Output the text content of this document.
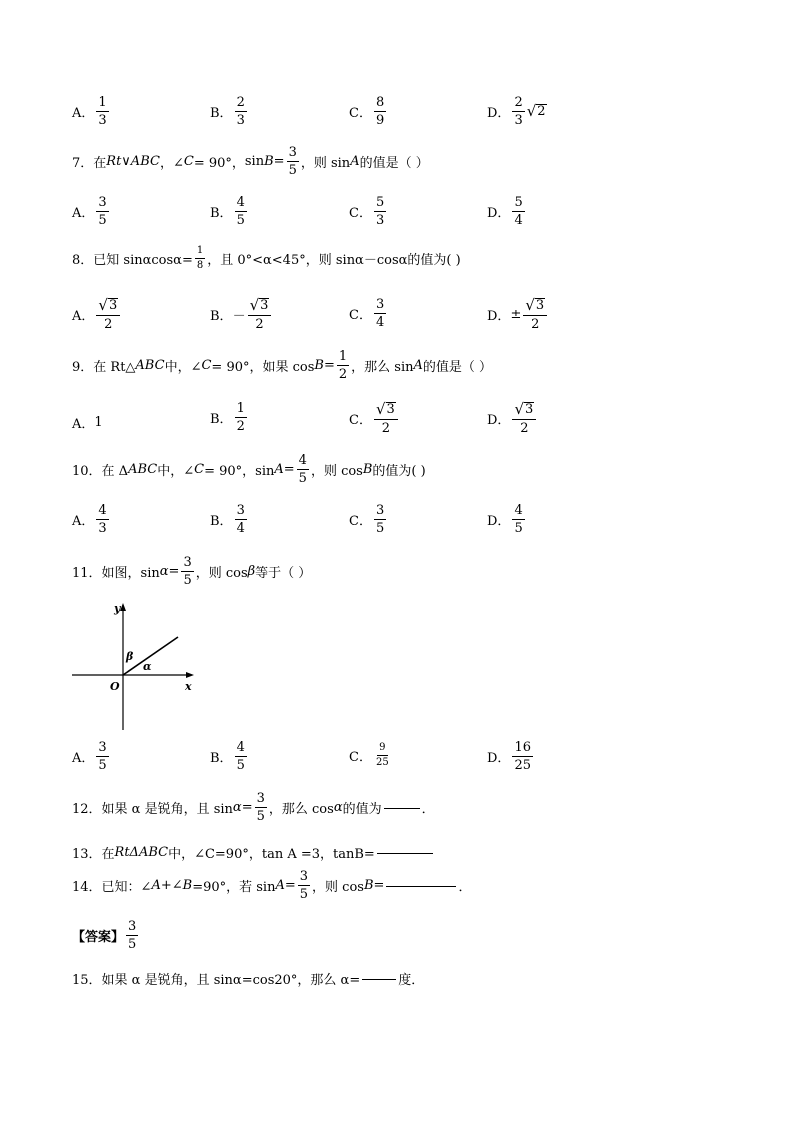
A． $\frac{1}{3}$	B． $\frac{2}{3}$	C． $\frac{8}{9}$	D． $\frac{2}{3}$ √ 2
7．在 Rt∨ABC ，∠ C = 90°， $\sin B = \frac{3}{5}$ ，则 sin A 的值是（ ）
A． $\frac{3}{5}$	B． $\frac{4}{5}$	C． $\frac{5}{3}$	D． $\frac{5}{4}$
8．已知 $\sin\alpha\cos\alpha= \frac{1}{8}$ ，且 0°<α<45°，则 sinα－cosα的值为( )
A． $\frac{√ 3}{2}$	B． － $\frac{√ 3}{2}$	C． $\frac{3}{4}$	D． ± $\frac{√ 3}{2}$
9．在 Rt△ ABC 中，∠ C = 90°，如果 $\cos B = \frac{1}{2}$ ，那么 sin A 的值是（ ）
A． 1	B． $\frac{1}{2}$	C． $\frac{√ 3}{2}$	D． $\frac{√ 3}{2}$
10．在 Δ ABC 中，∠ C = 90°，$\sin A = \frac{4}{5}$ ，则 cos B 的值为( )
A． $\frac{4}{3}$	B． $\frac{3}{4}$	C． $\frac{3}{5}$	D． $\frac{4}{5}$
11．如图，$\sin \alpha = \frac{3}{5}$ ，则 cos β 等于（ ）
y
x
O
β
α
A． $\frac{3}{5}$	B． $\frac{4}{5}$	C． $\frac{9}{25}$	D． $\frac{16}{25}$
12．如果 α 是锐角，且 $\sin \alpha = \frac{3}{5}$ ，那么 cos α 的值为	．
13．在 RtΔABC 中，∠C=90°，tan A =3，tanB=
14．已知：∠ A +∠ B =90°，若 $\sin A = \frac{3}{5}$ ，则 cos B =	．
【答案】 $\frac{3}{5}$
15．如果 α 是锐角，且 sinα=cos20°，那么 α=	度．
